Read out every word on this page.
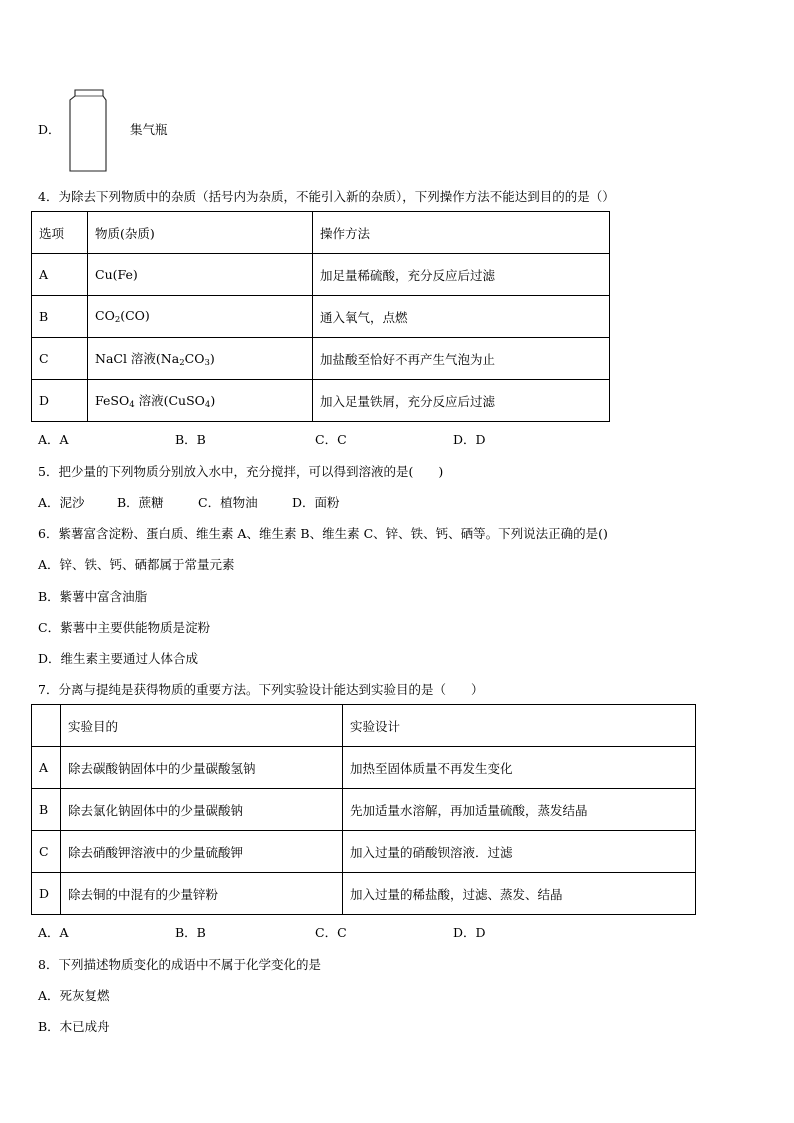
D．	集气瓶
4．为除去下列物质中的杂质（括号内为杂质，不能引入新的杂质），下列操作方法不能达到目的的是（）
选项	物质(杂质)	操作方法
A	Cu(Fe)	加足量稀硫酸，充分反应后过滤
B	$CO_2(CO)$	通入氧气，点燃
C	NaCl 溶液$(Na_2CO_3)$	加盐酸至恰好不再产生气泡为止
D	FeSO$_4$ 溶液(CuSO$_4$)	加入足量铁屑，充分反应后过滤
A．A	B．B	C．C	D．D
5．把少量的下列物质分别放入水中，充分搅拌，可以得到溶液的是(　　)
A．泥沙	B．蔗糖	C．植物油	D．面粉
6．紫薯富含淀粉、蛋白质、维生素 A、维生素 B、维生素 C、锌、铁、钙、硒等。下列说法正确的是()
A．锌、铁、钙、硒都属于常量元素
B．紫薯中富含油脂
C．紫薯中主要供能物质是淀粉
D．维生素主要通过人体合成
7．分离与提纯是获得物质的重要方法。下列实验设计能达到实验目的是（　　）
	实验目的	实验设计
A	除去碳酸钠固体中的少量碳酸氢钠	加热至固体质量不再发生变化
B	除去氯化钠固体中的少量碳酸钠	先加适量水溶解，再加适量硫酸，蒸发结晶
C	除去硝酸钾溶液中的少量硫酸钾	加入过量的硝酸钡溶液．过滤
D	除去铜的中混有的少量锌粉	加入过量的稀盐酸，过滤、蒸发、结晶
A．A	B．B	C．C	D．D
8．下列描述物质变化的成语中不属于化学变化的是
A．死灰复燃
B．木已成舟
